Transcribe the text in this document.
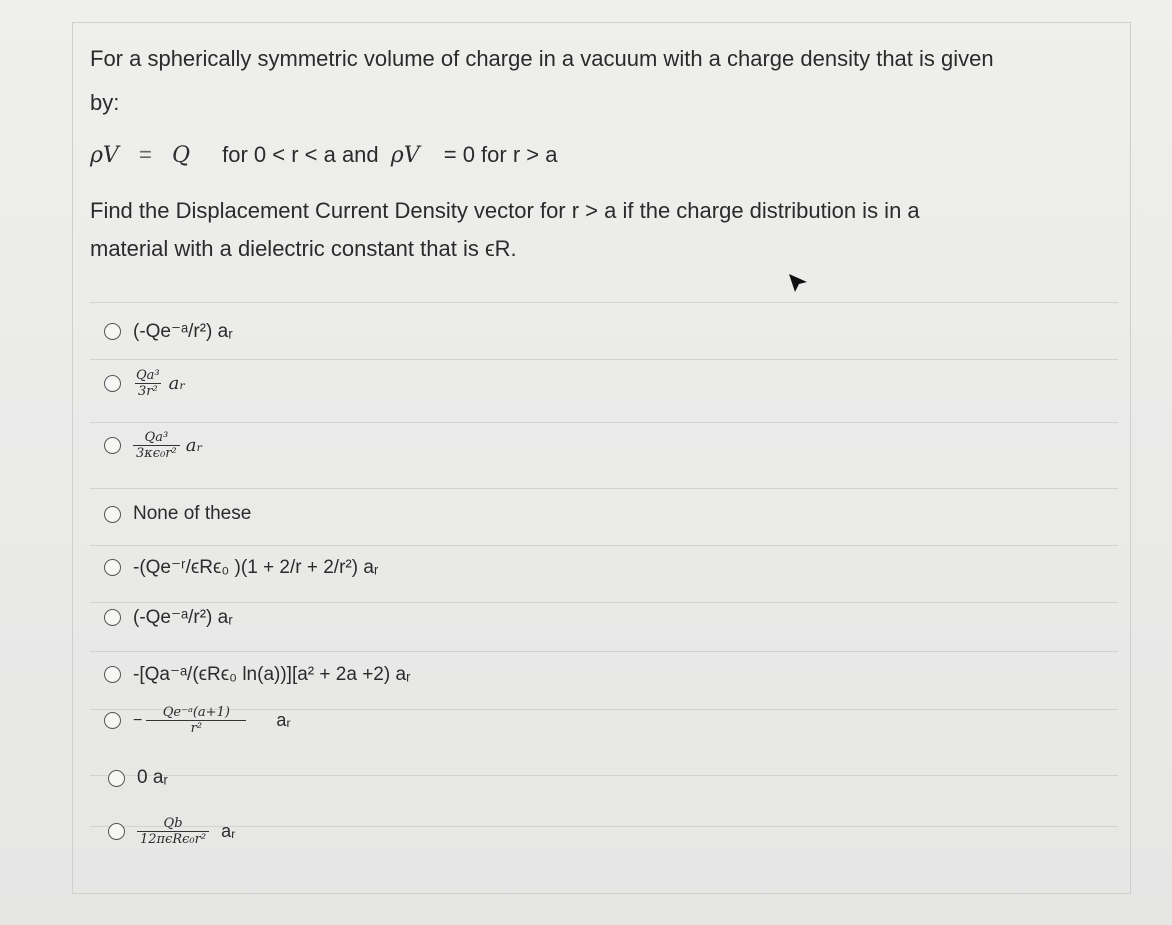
For a spherically symmetric volume of charge in a vacuum with a charge density that is given
by:
ρV = Q for 0 < r < a and ρV = 0 for r > a
Find the Displacement Current Density vector for r > a if the charge distribution is in a
material with a dielectric constant that is ϵR.
(-Qe⁻ᵃ/r²) aᵣ
$\frac{\text{Qa³}}{\text{3r²}}$ aᵣ
$\frac{\text{Qa³}}{\text{3κϵ₀r²}}$ aᵣ
None of these
-(Qe⁻ʳ/ϵRϵ₀ )(1 + 2/r + 2/r²) aᵣ
(-Qe⁻ᵃ/r²) aᵣ
-[Qa⁻ᵃ/(ϵRϵ₀ ln(a))][a² + 2a +2) aᵣ
− $\frac{\text{Qe⁻ᵃ(a+1)}}{\text{r²}}$ aᵣ
0 aᵣ
$\frac{Qb}{\text{12πϵRϵ₀r²}}$ aᵣ
